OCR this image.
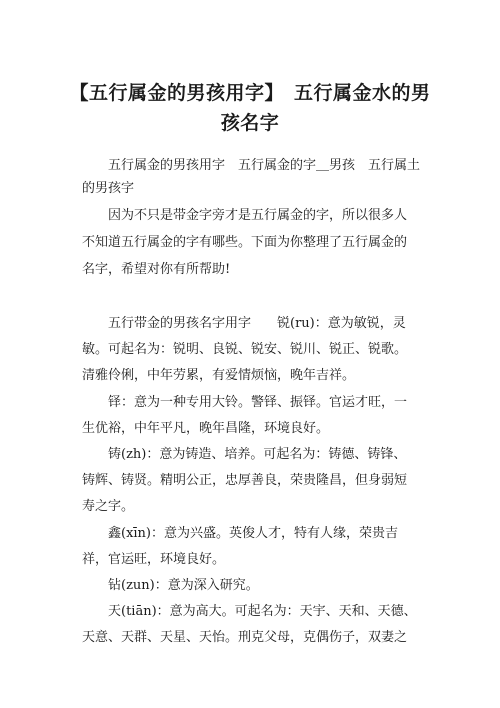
【五行属金的男孩用字】　五行属金水的男
孩名字
　　五行属金的男孩用字　五行属金的字＿男孩　五行属土
的男孩字
　　因为不只是带金字旁才是五行属金的字，所以很多人
不知道五行属金的字有哪些。下面为你整理了五行属金的
名字，希望对你有所帮助!
　　五行带金的男孩名字用字　　锐(ru)：意为敏锐，灵
敏。可起名为：锐明、良锐、锐安、锐川、锐正、锐歌。
清雅伶俐，中年劳累，有爱情烦恼，晚年吉祥。
　　铎：意为一种专用大铃。警铎、振铎。官运才旺，一
生优裕，中年平凡，晚年昌隆，环境良好。
　　铸(zh)：意为铸造、培养。可起名为：铸德、铸锋、
铸辉、铸贤。精明公正，忠厚善良，荣贵隆昌，但身弱短
寿之字。
　　鑫(xīn)：意为兴盛。英俊人才，特有人缘，荣贵吉
祥，官运旺，环境良好。
　　钻(zun)：意为深入研究。
　　天(tiān)：意为高大。可起名为：天宇、天和、天德、
天意、天群、天星、天怡。刑克父母，克偶伤子，双妻之
